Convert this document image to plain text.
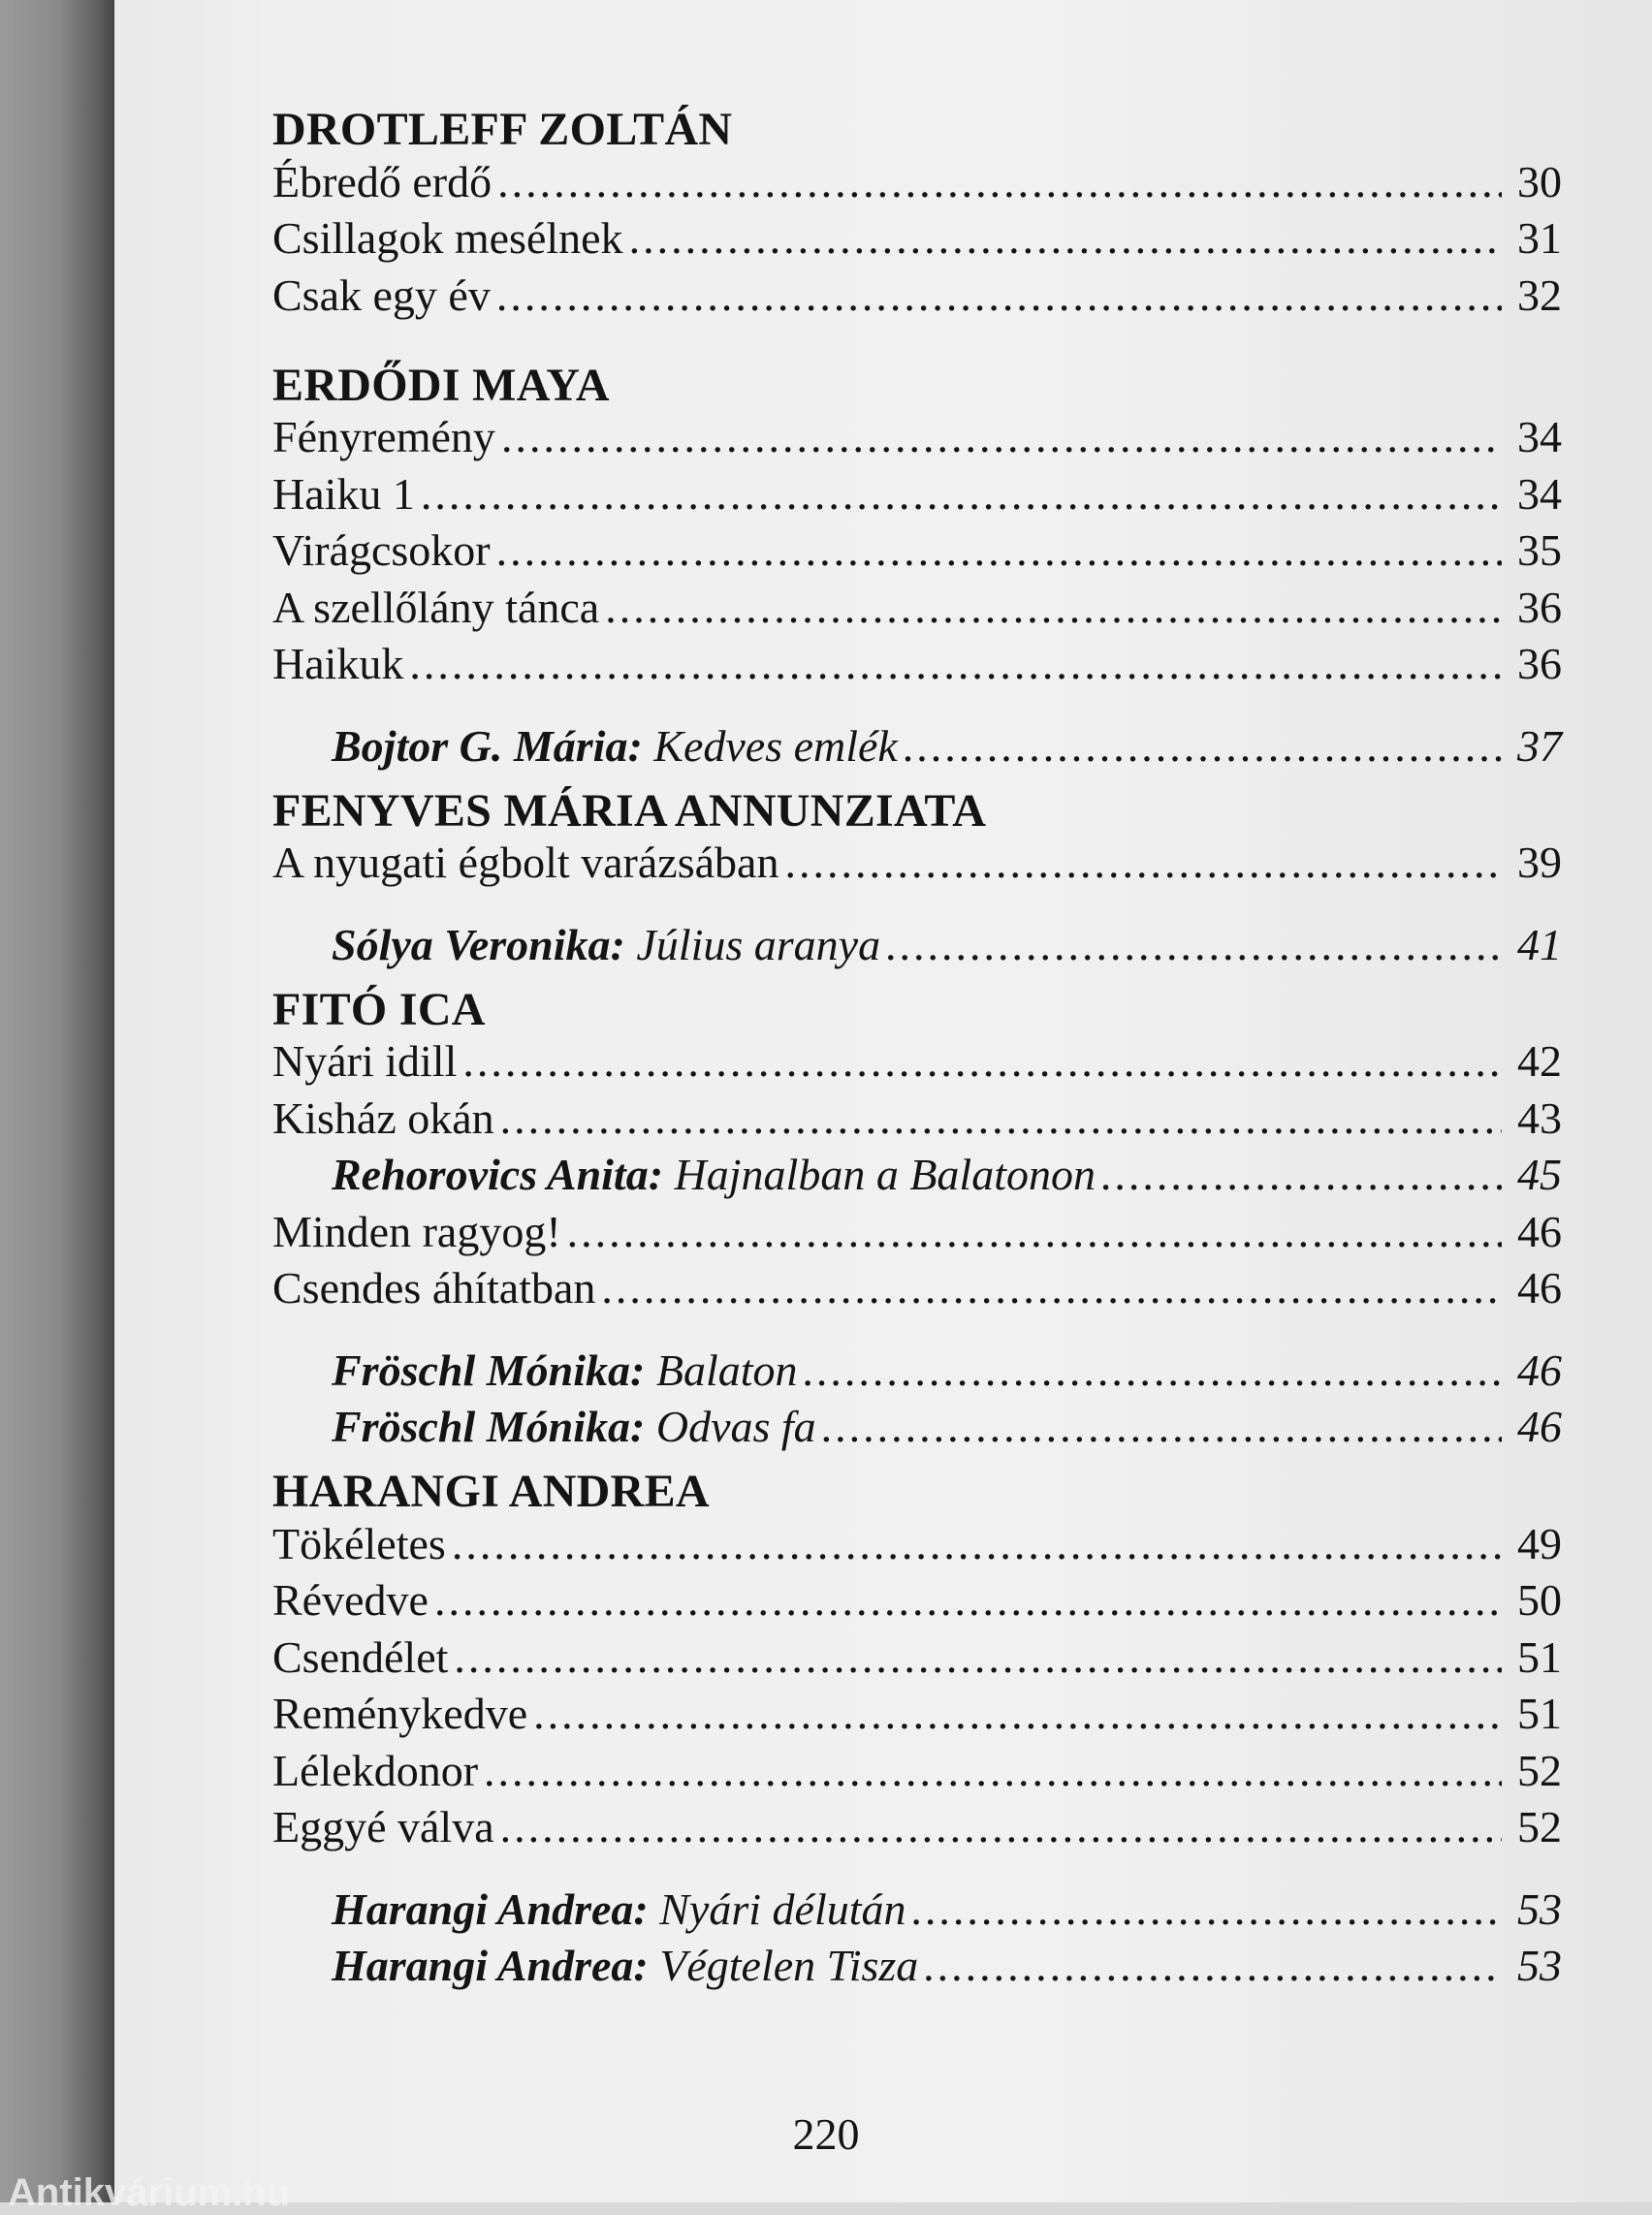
DROTLEFF ZOLTÁN
Ébredő erdő .....	30
Csillagok mesélnek .....	31
Csak egy év .....	32
ERDŐDI MAYA
Fényremény .....	34
Haiku 1 .....	34
Virágcsokor .....	35
A szellőlány tánca .....	36
Haikuk .....	36
Bojtor G. Mária: Kedves emlék .....	37
FENYVES MÁRIA ANNUNZIATA
A nyugati égbolt varázsában .....	39
Sólya Veronika: Július aranya .....	41
FITÓ ICA
Nyári idill .....	42
Kisház okán .....	43
Rehorovics Anita: Hajnalban a Balatonon .....	45
Minden ragyog! .....	46
Csendes áhítatban .....	46
Fröschl Mónika: Balaton .....	46
Fröschl Mónika: Odvas fa .....	46
HARANGI ANDREA
Tökéletes .....	49
Révedve .....	50
Csendélet .....	51
Reménykedve .....	51
Lélekdonor .....	52
Eggyé válva .....	52
Harangi Andrea: Nyári délután .....	53
Harangi Andrea: Végtelen Tisza .....	53
220
Antikvárium.hu
